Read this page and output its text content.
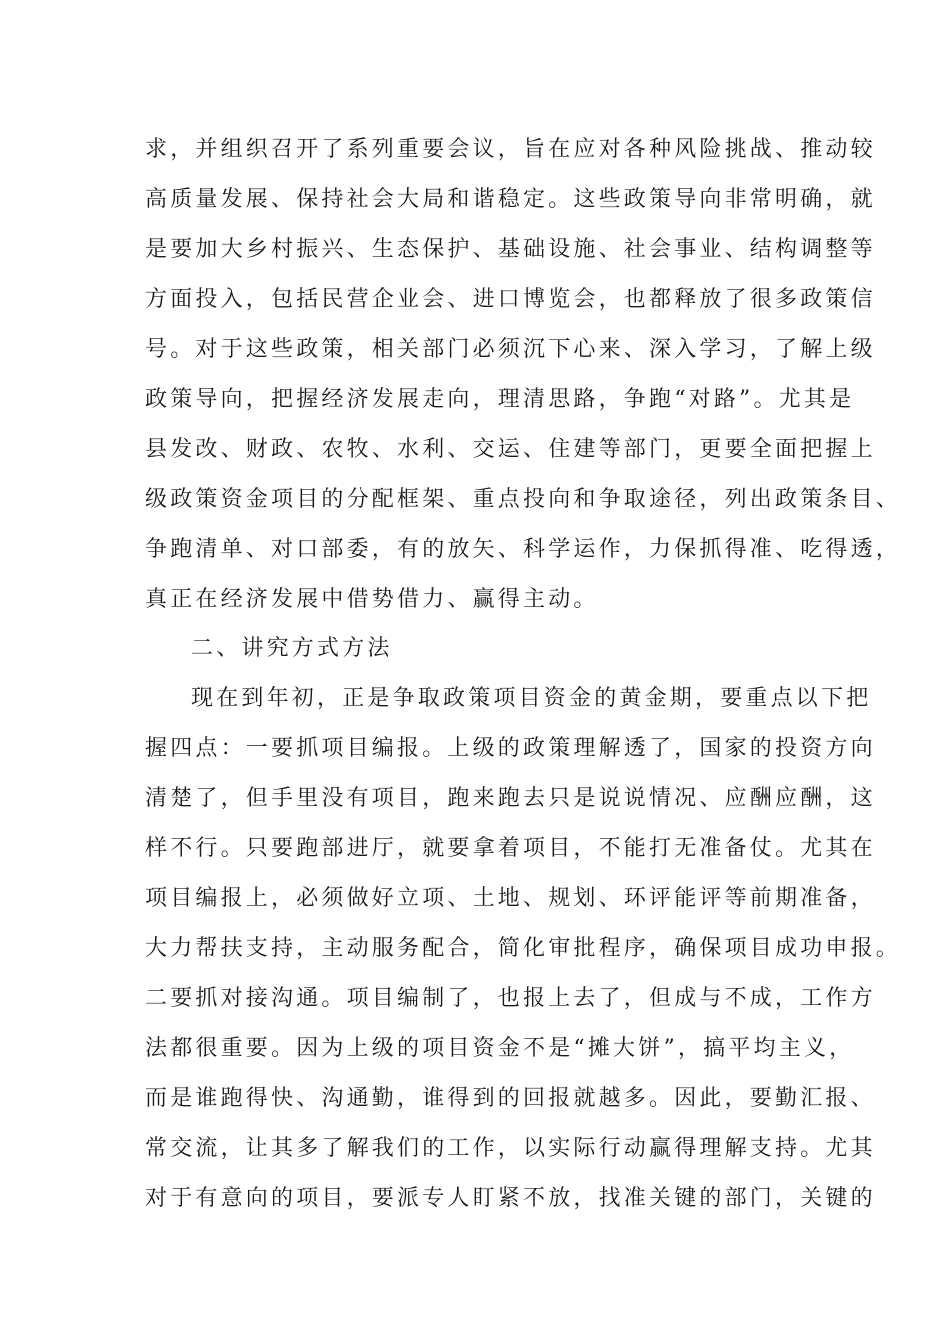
求，并组织召开了系列重要会议，旨在应对各种风险挑战、推动较
高质量发展、保持社会大局和谐稳定。这些政策导向非常明确，就
是要加大乡村振兴、生态保护、基础设施、社会事业、结构调整等
方面投入，包括民营企业会、进口博览会，也都释放了很多政策信
号。对于这些政策，相关部门必须沉下心来、深入学习，了解上级
政策导向，把握经济发展走向，理清思路，争跑“对路”。尤其是
县发改、财政、农牧、水利、交运、住建等部门，更要全面把握上
级政策资金项目的分配框架、重点投向和争取途径，列出政策条目、
争跑清单、对口部委，有的放矢、科学运作，力保抓得准、吃得透，
真正在经济发展中借势借力、赢得主动。
二、讲究方式方法
现在到年初，正是争取政策项目资金的黄金期，要重点以下把
握四点：一要抓项目编报。上级的政策理解透了，国家的投资方向
清楚了，但手里没有项目，跑来跑去只是说说情况、应酬应酬，这
样不行。只要跑部进厅，就要拿着项目，不能打无准备仗。尤其在
项目编报上，必须做好立项、土地、规划、环评能评等前期准备，
大力帮扶支持，主动服务配合，简化审批程序，确保项目成功申报。
二要抓对接沟通。项目编制了，也报上去了，但成与不成，工作方
法都很重要。因为上级的项目资金不是“摊大饼”，搞平均主义，
而是谁跑得快、沟通勤，谁得到的回报就越多。因此，要勤汇报、
常交流，让其多了解我们的工作，以实际行动赢得理解支持。尤其
对于有意向的项目，要派专人盯紧不放，找准关键的部门，关键的
